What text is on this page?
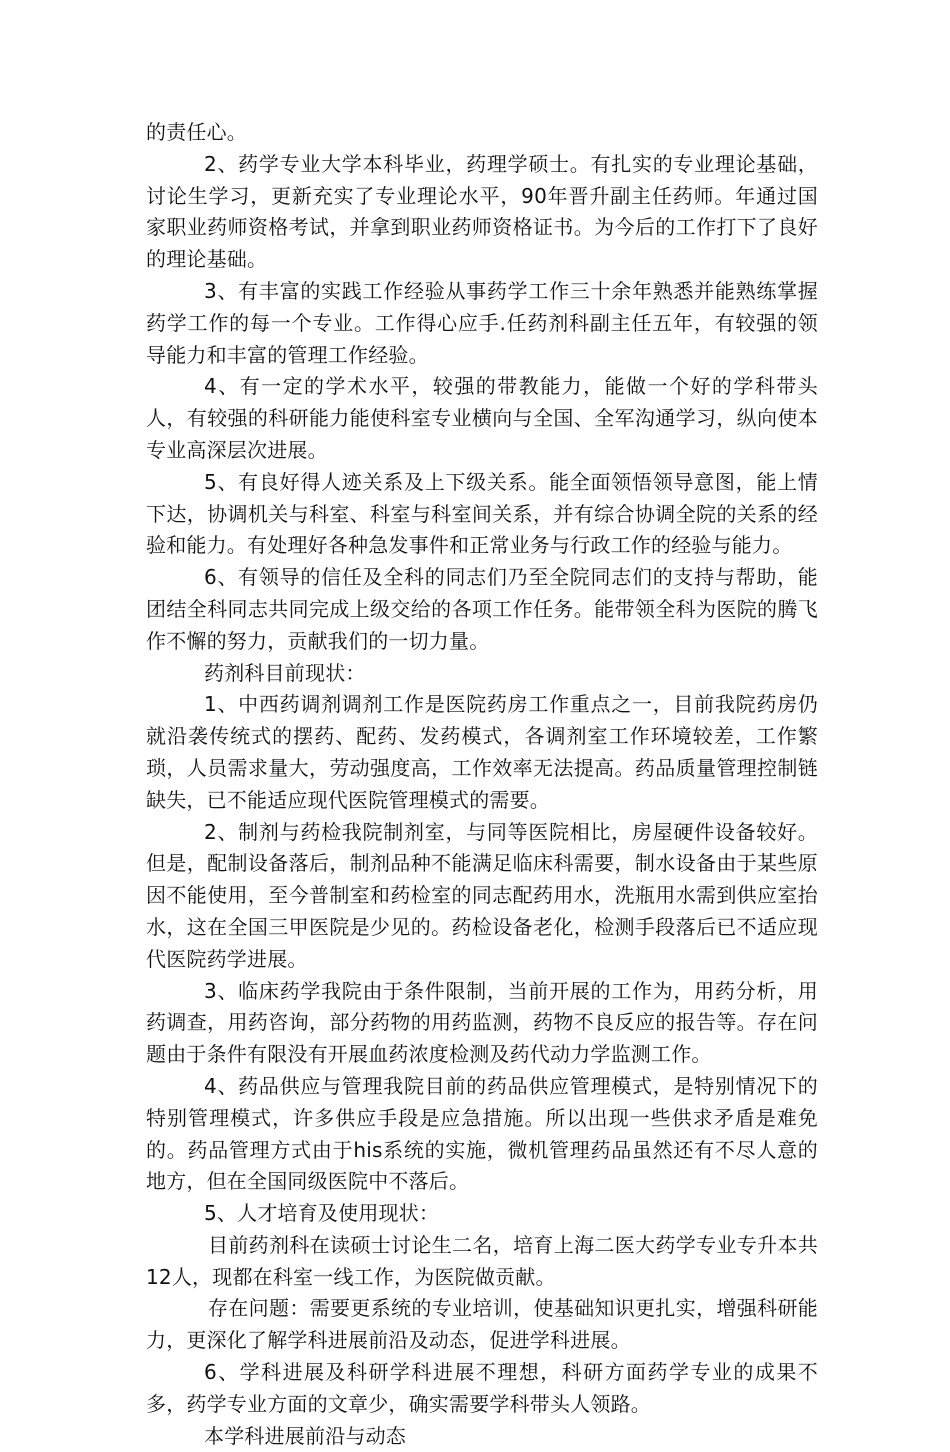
的责任心。

2、药学专业大学本科毕业，药理学硕士。有扎实的专业理论基础，讨论生学习，更新充实了专业理论水平，90年晋升副主任药师。年通过国家职业药师资格考试，并拿到职业药师资格证书。为今后的工作打下了良好的理论基础。

3、有丰富的实践工作经验从事药学工作三十余年熟悉并能熟练掌握药学工作的每一个专业。工作得心应手.任药剂科副主任五年，有较强的领导能力和丰富的管理工作经验。

4、有一定的学术水平，较强的带教能力，能做一个好的学科带头人，有较强的科研能力能使科室专业横向与全国、全军沟通学习，纵向使本专业高深层次进展。

5、有良好得人迹关系及上下级关系。能全面领悟领导意图，能上情下达，协调机关与科室、科室与科室间关系，并有综合协调全院的关系的经验和能力。有处理好各种急发事件和正常业务与行政工作的经验与能力。

6、有领导的信任及全科的同志们乃至全院同志们的支持与帮助，能团结全科同志共同完成上级交给的各项工作任务。能带领全科为医院的腾飞作不懈的努力，贡献我们的一切力量。

药剂科目前现状：

1、中西药调剂调剂工作是医院药房工作重点之一，目前我院药房仍就沿袭传统式的摆药、配药、发药模式，各调剂室工作环境较差，工作繁琐，人员需求量大，劳动强度高，工作效率无法提高。药品质量管理控制链缺失，已不能适应现代医院管理模式的需要。

2、制剂与药检我院制剂室，与同等医院相比，房屋硬件设备较好。但是，配制设备落后，制剂品种不能满足临床科需要，制水设备由于某些原因不能使用，至今普制室和药检室的同志配药用水，洗瓶用水需到供应室抬水，这在全国三甲医院是少见的。药检设备老化，检测手段落后已不适应现代医院药学进展。

3、临床药学我院由于条件限制，当前开展的工作为，用药分析，用药调查，用药咨询，部分药物的用药监测，药物不良反应的报告等。存在问题由于条件有限没有开展血药浓度检测及药代动力学监测工作。

4、药品供应与管理我院目前的药品供应管理模式，是特别情况下的特别管理模式，许多供应手段是应急措施。所以出现一些供求矛盾是难免的。药品管理方式由于his系统的实施，微机管理药品虽然还有不尽人意的地方，但在全国同级医院中不落后。

5、人才培育及使用现状：

目前药剂科在读硕士讨论生二名，培育上海二医大药学专业专升本共12人，现都在科室一线工作，为医院做贡献。

存在问题：需要更系统的专业培训，使基础知识更扎实，增强科研能力，更深化了解学科进展前沿及动态，促进学科进展。

6、学科进展及科研学科进展不理想，科研方面药学专业的成果不多，药学专业方面的文章少，确实需要学科带头人领路。

本学科进展前沿与动态
